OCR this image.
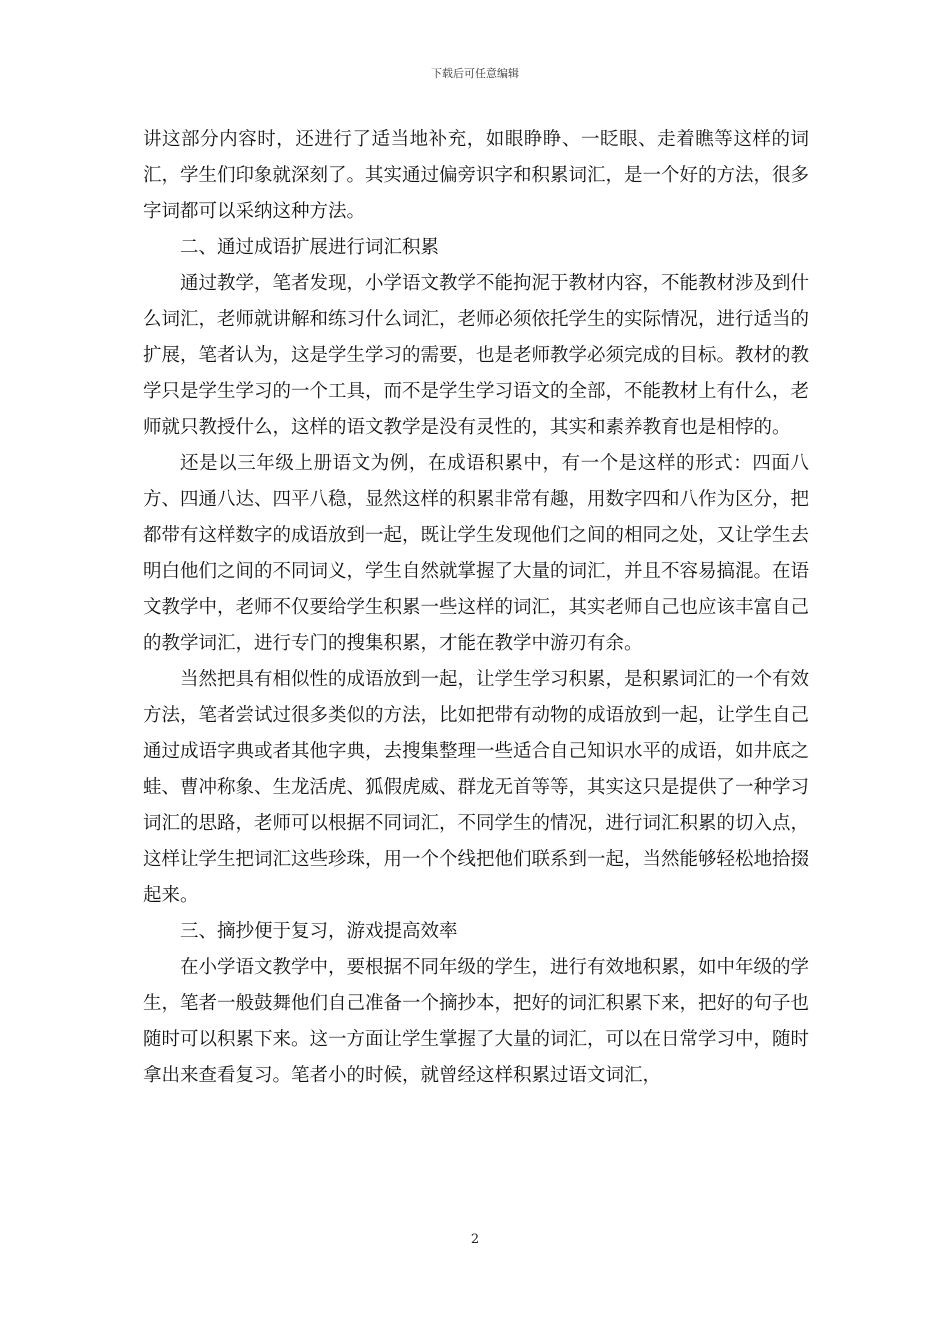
下载后可任意编辑

讲这部分内容时，还进行了适当地补充，如眼睁睁、一眨眼、走着瞧等这样的词汇，学生们印象就深刻了。其实通过偏旁识字和积累词汇，是一个好的方法，很多字词都可以采纳这种方法。

二、通过成语扩展进行词汇积累

通过教学，笔者发现，小学语文教学不能拘泥于教材内容，不能教材涉及到什么词汇，老师就讲解和练习什么词汇，老师必须依托学生的实际情况，进行适当的扩展，笔者认为，这是学生学习的需要，也是老师教学必须完成的目标。教材的教学只是学生学习的一个工具，而不是学生学习语文的全部，不能教材上有什么，老师就只教授什么，这样的语文教学是没有灵性的，其实和素养教育也是相悖的。

还是以三年级上册语文为例，在成语积累中，有一个是这样的形式：四面八方、四通八达、四平八稳，显然这样的积累非常有趣，用数字四和八作为区分，把都带有这样数字的成语放到一起，既让学生发现他们之间的相同之处，又让学生去明白他们之间的不同词义，学生自然就掌握了大量的词汇，并且不容易搞混。在语文教学中，老师不仅要给学生积累一些这样的词汇，其实老师自己也应该丰富自己的教学词汇，进行专门的搜集积累，才能在教学中游刃有余。

当然把具有相似性的成语放到一起，让学生学习积累，是积累词汇的一个有效方法，笔者尝试过很多类似的方法，比如把带有动物的成语放到一起，让学生自己通过成语字典或者其他字典，去搜集整理一些适合自己知识水平的成语，如井底之蛙、曹冲称象、生龙活虎、狐假虎威、群龙无首等等，其实这只是提供了一种学习词汇的思路，老师可以根据不同词汇，不同学生的情况，进行词汇积累的切入点，这样让学生把词汇这些珍珠，用一个个线把他们联系到一起，当然能够轻松地拾掇起来。

三、摘抄便于复习，游戏提高效率

在小学语文教学中，要根据不同年级的学生，进行有效地积累，如中年级的学生，笔者一般鼓舞他们自己准备一个摘抄本，把好的词汇积累下来，把好的句子也随时可以积累下来。这一方面让学生掌握了大量的词汇，可以在日常学习中，随时拿出来查看复习。笔者小的时候，就曾经这样积累过语文词汇，

2
